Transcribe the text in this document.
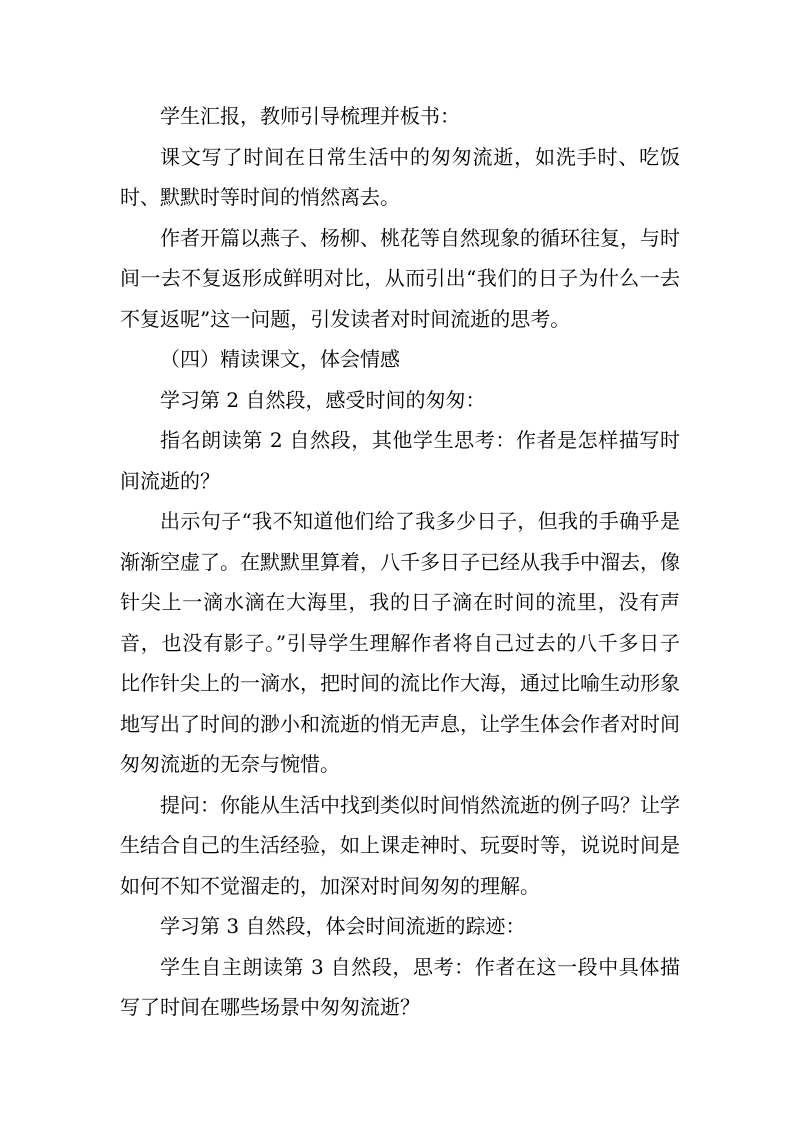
学生汇报，教师引导梳理并板书：

课文写了时间在日常生活中的匆匆流逝，如洗手时、吃饭时、默默时等时间的悄然离去。

作者开篇以燕子、杨柳、桃花等自然现象的循环往复，与时间一去不复返形成鲜明对比，从而引出“我们的日子为什么一去不复返呢”这一问题，引发读者对时间流逝的思考。

（四）精读课文，体会情感

学习第 2 自然段，感受时间的匆匆：

指名朗读第 2 自然段，其他学生思考：作者是怎样描写时间流逝的？

出示句子“我不知道他们给了我多少日子，但我的手确乎是渐渐空虚了。在默默里算着，八千多日子已经从我手中溜去，像针尖上一滴水滴在大海里，我的日子滴在时间的流里，没有声音，也没有影子。”引导学生理解作者将自己过去的八千多日子比作针尖上的一滴水，把时间的流比作大海，通过比喻生动形象地写出了时间的渺小和流逝的悄无声息，让学生体会作者对时间匆匆流逝的无奈与惋惜。

提问：你能从生活中找到类似时间悄然流逝的例子吗？让学生结合自己的生活经验，如上课走神时、玩耍时等，说说时间是如何不知不觉溜走的，加深对时间匆匆的理解。

学习第 3 自然段，体会时间流逝的踪迹：

学生自主朗读第 3 自然段，思考：作者在这一段中具体描写了时间在哪些场景中匆匆流逝？
